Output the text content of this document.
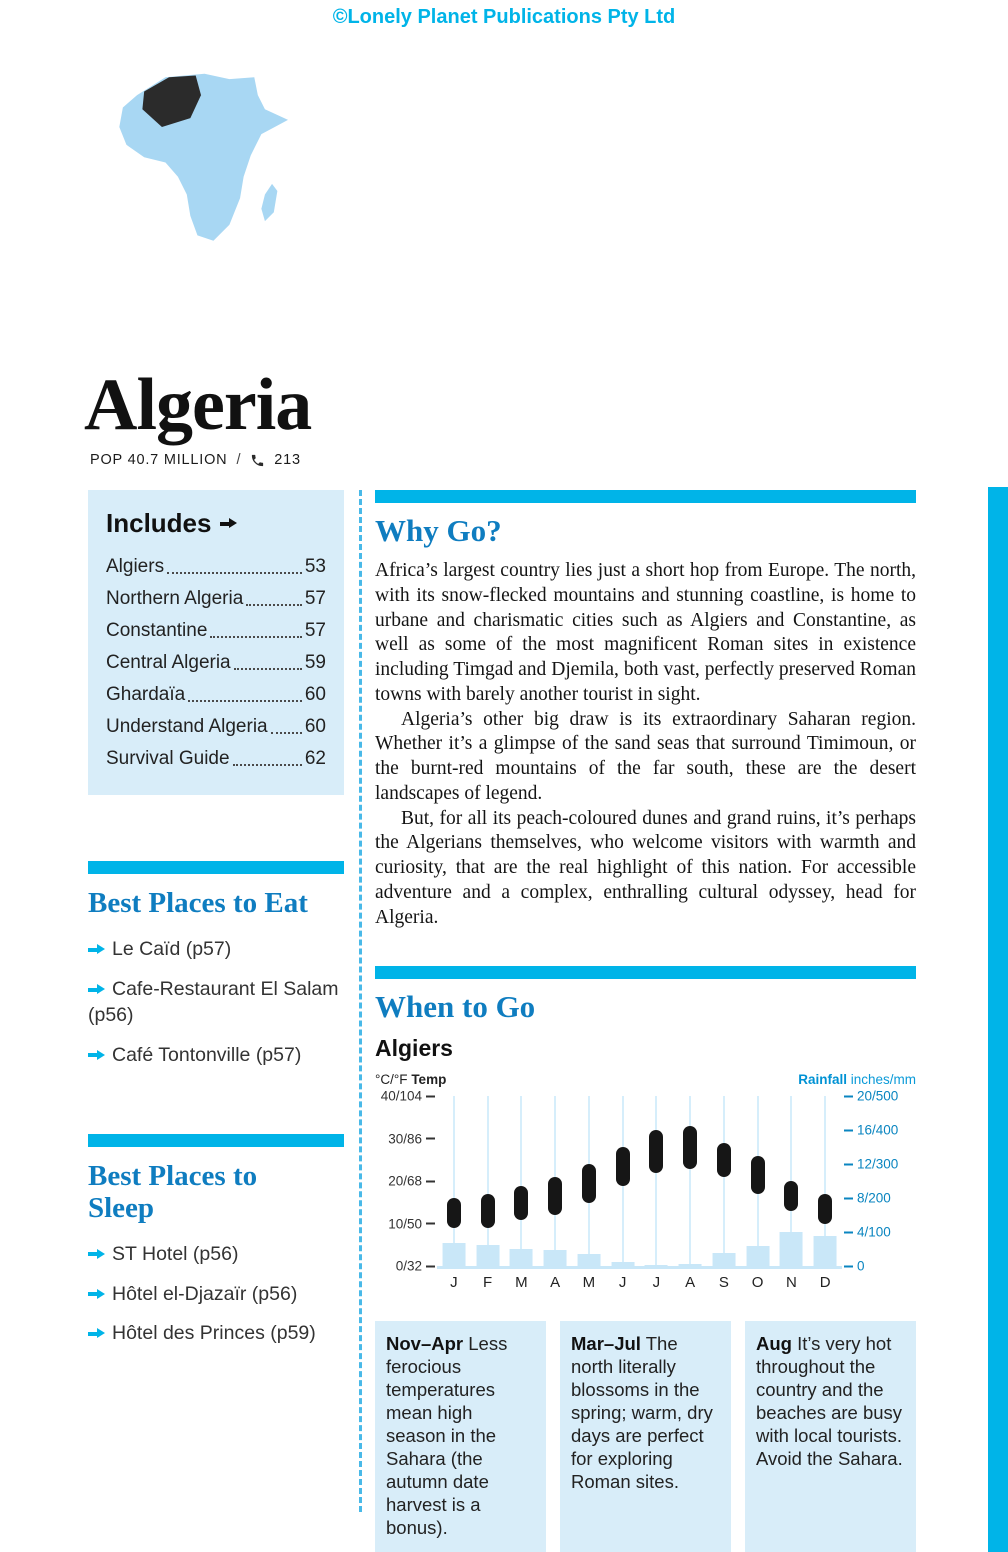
©Lonely Planet Publications Pty Ltd
Algeria
POP 40.7 MILLION / 213
Includes
Algiers	53
Northern Algeria	57
Constantine	57
Central Algeria	59
Ghardaïa	60
Understand Algeria 60
Survival Guide	62
Best Places to Eat
Le Caïd (p57)
Cafe-Restaurant El Salam (p56)
Café Tontonville (p57)
Best Places to Sleep
ST Hotel (p56)
Hôtel el-Djazaïr (p56)
Hôtel des Princes (p59)
Why Go?

Africa’s largest country lies just a short hop from Europe. The north, with its snow-flecked mountains and stunning coastline, is home to urbane and charismatic cities such as Algiers and Constantine, as well as some of the most magnificent Roman sites in existence including Timgad and Djemila, both vast, perfectly preserved Roman towns with barely another tourist in sight.

Algeria’s other big draw is its extraordinary Saharan region. Whether it’s a glimpse of the sand seas that surround Timimoun, or the burnt-red mountains of the far south, these are the desert landscapes of legend.

But, for all its peach-coloured dunes and grand ruins, it’s perhaps the Algerians themselves, who welcome visitors with warmth and curiosity, that are the real highlight of this nation. For accessible adventure and a complex, enthralling cultural odyssey, head for Algeria.

When to Go
Algiers
°C/°F Temp
40/104
30/86
20/68
10/50
0/32
J	F	M	A	M	J	J	A	S	O	N	D
Rainfall inches/mm
20/500
16/400
12/300
8/200
4/100
0
Nov–Apr Less ferocious temperatures mean high season in the Sahara (the autumn date harvest is a bonus).
Mar–Jul The north literally blossoms in the spring; warm, dry days are perfect for exploring Roman sites.
Aug It’s very hot throughout the country and the beaches are busy with local tourists. Avoid the Sahara.
